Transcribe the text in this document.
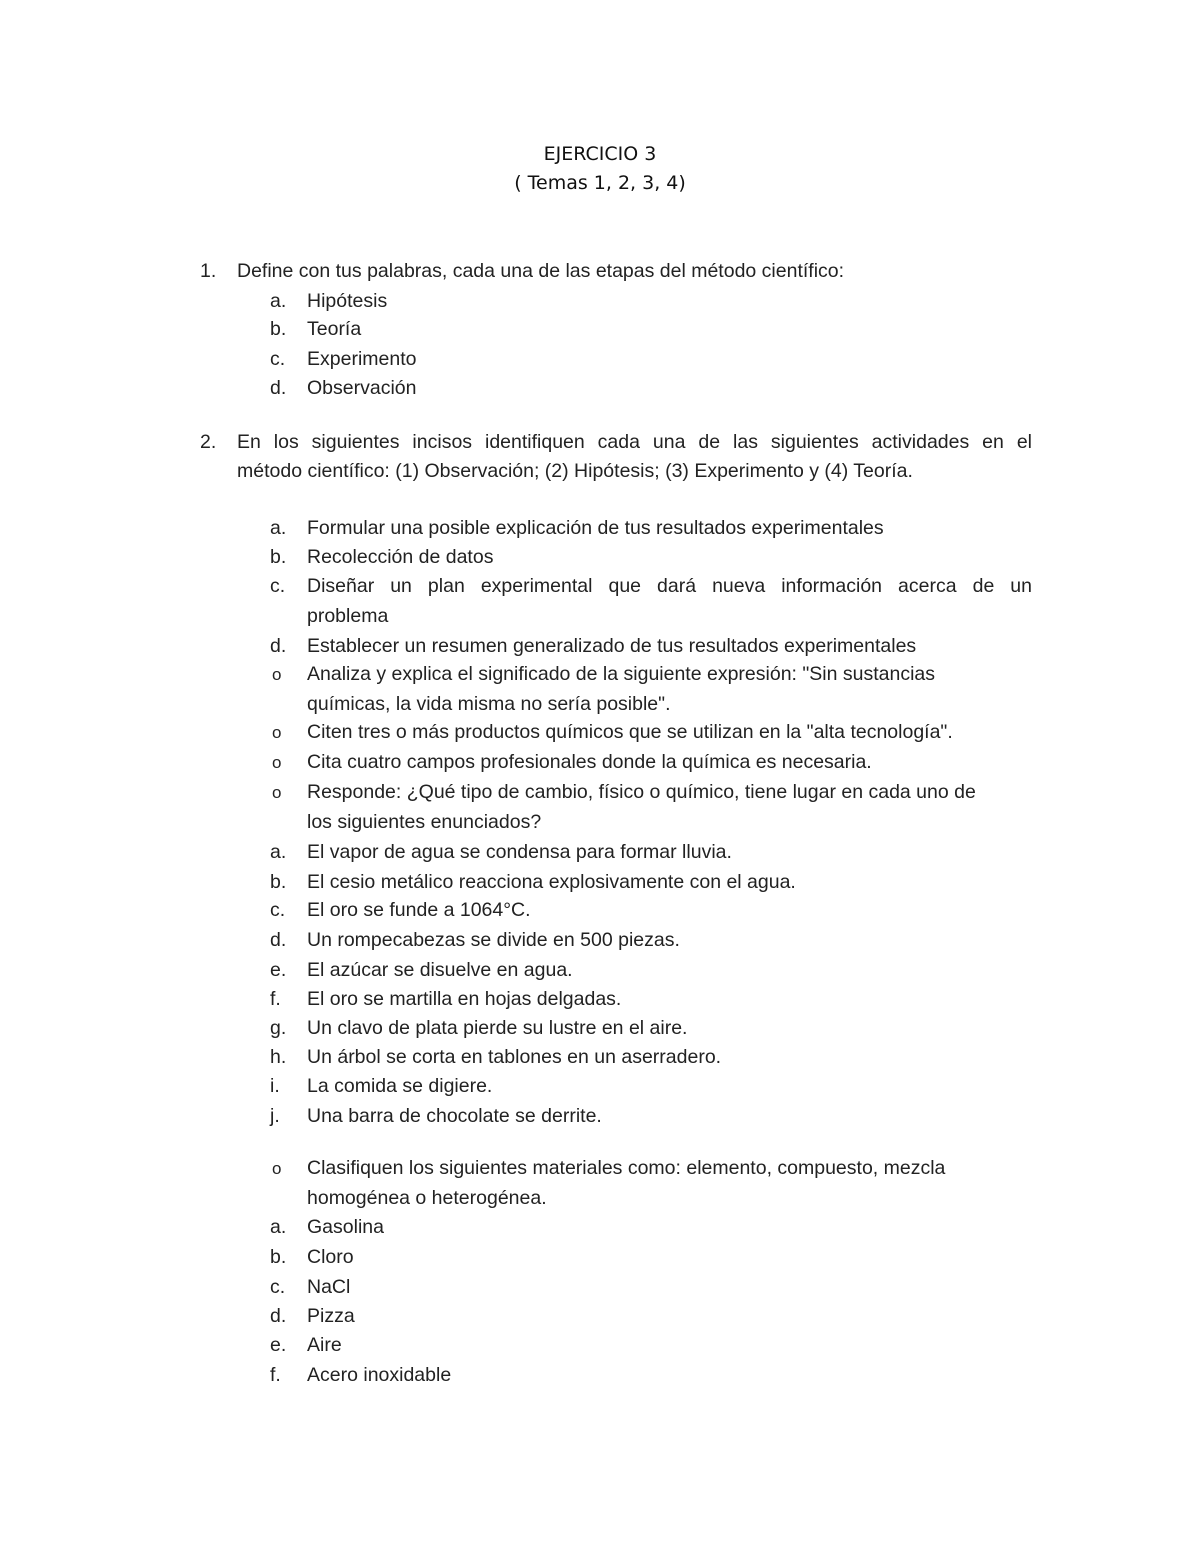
EJERCICIO 3
( Temas 1, 2, 3, 4)
1.	Define con tus palabras, cada una de las etapas del método científico:
a.	Hipótesis
b.	Teoría
c.	Experimento
d.	Observación
2.	En los siguientes incisos identifiquen cada una de las siguientes actividades en el
método científico: (1) Observación; (2) Hipótesis; (3) Experimento y (4) Teoría.
a.	Formular una posible explicación de tus resultados experimentales
b.	Recolección de datos
c.	Diseñar un plan experimental que dará nueva información acerca de un
problema
d.	Establecer un resumen generalizado de tus resultados experimentales
o	Analiza y explica el significado de la siguiente expresión: "Sin sustancias
químicas, la vida misma no sería posible".
o	Citen tres o más productos químicos que se utilizan en la "alta tecnología".
o	Cita cuatro campos profesionales donde la química es necesaria.
o	Responde: ¿Qué tipo de cambio, físico o químico, tiene lugar en cada uno de
los siguientes enunciados?
a.	El vapor de agua se condensa para formar lluvia.
b.	El cesio metálico reacciona explosivamente con el agua.
c.	El oro se funde a 1064°C.
d.	Un rompecabezas se divide en 500 piezas.
e.	El azúcar se disuelve en agua.
f.	El oro se martilla en hojas delgadas.
g.	Un clavo de plata pierde su lustre en el aire.
h.	Un árbol se corta en tablones en un aserradero.
i.	La comida se digiere.
j.	Una barra de chocolate se derrite.
o	Clasifiquen los siguientes materiales como: elemento, compuesto, mezcla
homogénea o heterogénea.
a.	Gasolina
b.	Cloro
c.	NaCl
d.	Pizza
e.	Aire
f.	Acero inoxidable
